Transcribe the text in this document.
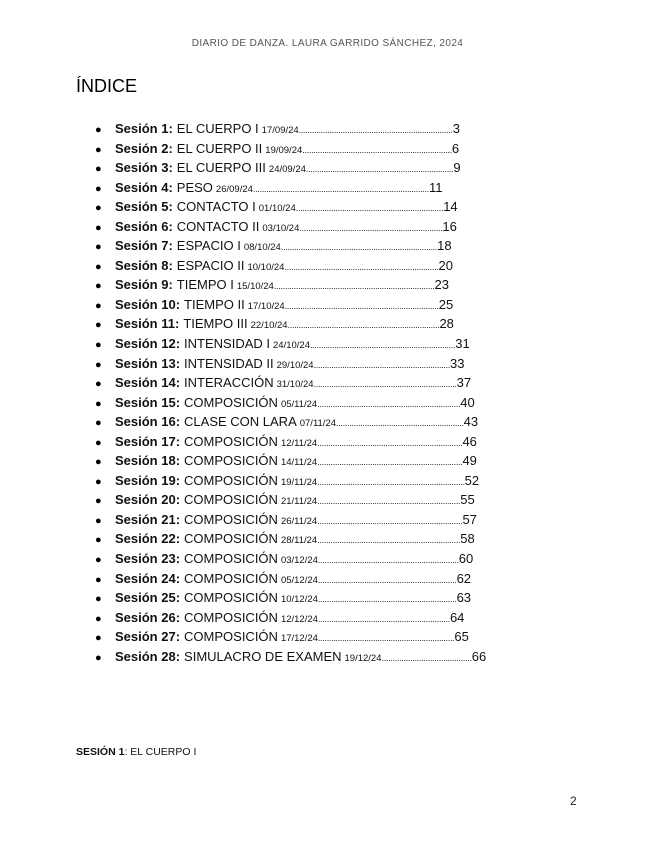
DIARIO DE DANZA. LAURA GARRIDO SÁNCHEZ, 2024
ÍNDICE
●	Sesión 1: EL CUERPO I 17/09/24 ...................................................................... 3
●	Sesión 2: EL CUERPO II 19/09/24 .................................................................... 6
●	Sesión 3: EL CUERPO III 24/09/24 ................................................................... 9
●	Sesión 4: PESO 26/09/24 ................................................................................ 11
●	Sesión 5: CONTACTO I 01/10/24 ................................................................... 14
●	Sesión 6: CONTACTO II 03/10/24 ................................................................. 16
●	Sesión 7: ESPACIO I 08/10/24 ....................................................................... 18
●	Sesión 8: ESPACIO II 10/10/24 ...................................................................... 20
●	Sesión 9: TIEMPO I 15/10/24 ......................................................................... 23
●	Sesión 10: TIEMPO II 17/10/24 ...................................................................... 25
●	Sesión 11: TIEMPO III 22/10/24 ..................................................................... 28
●	Sesión 12: INTENSIDAD I 24/10/24 .................................................................. 31
●	Sesión 13: INTENSIDAD II 29/10/24 .............................................................. 33
●	Sesión 14: INTERACCIÓN 31/10/24 ................................................................. 37
●	Sesión 15: COMPOSICIÓN 05/11/24 ................................................................. 40
●	Sesión 16: CLASE CON LARA 07/11/24 .......................................................... 43
●	Sesión 17: COMPOSICIÓN 12/11/24 .................................................................. 46
●	Sesión 18: COMPOSICIÓN 14/11/24 .................................................................. 49
●	Sesión 19: COMPOSICIÓN 19/11/24 ................................................................... 52
●	Sesión 20: COMPOSICIÓN 21/11/24 ................................................................. 55
●	Sesión 21: COMPOSICIÓN 26/11/24 .................................................................. 57
●	Sesión 22: COMPOSICIÓN 28/11/24 ................................................................. 58
●	Sesión 23: COMPOSICIÓN 03/12/24 ................................................................ 60
●	Sesión 24: COMPOSICIÓN 05/12/24 ............................................................... 62
●	Sesión 25: COMPOSICIÓN 10/12/24 ............................................................... 63
●	Sesión 26: COMPOSICIÓN 12/12/24 ............................................................ 64
●	Sesión 27: COMPOSICIÓN 17/12/24 .............................................................. 65
●	Sesión 28: SIMULACRO DE EXAMEN 19/12/24 ......................................... 66
SESIÓN 1: EL CUERPO I
2
